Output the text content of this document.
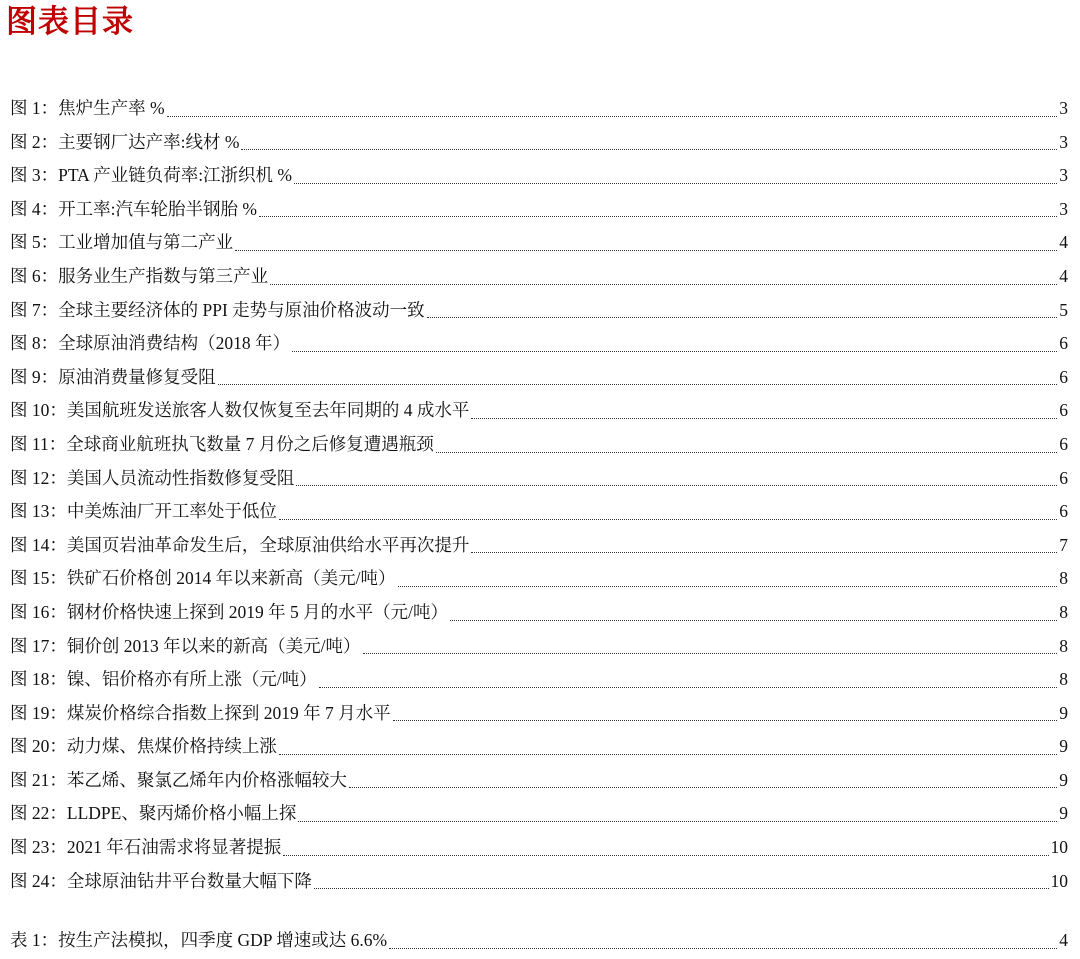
图表目录
图 1：焦炉生产率 %	3
图 2：主要钢厂达产率:线材 %	3
图 3：PTA 产业链负荷率:江浙织机 %	3
图 4：开工率:汽车轮胎半钢胎 %	3
图 5：工业增加值与第二产业	4
图 6：服务业生产指数与第三产业	4
图 7：全球主要经济体的 PPI 走势与原油价格波动一致	5
图 8：全球原油消费结构（2018 年）	6
图 9：原油消费量修复受阻	6
图 10：美国航班发送旅客人数仅恢复至去年同期的 4 成水平	6
图 11：全球商业航班执飞数量 7 月份之后修复遭遇瓶颈	6
图 12：美国人员流动性指数修复受阻	6
图 13：中美炼油厂开工率处于低位	6
图 14：美国页岩油革命发生后，全球原油供给水平再次提升	7
图 15：铁矿石价格创 2014 年以来新高（美元/吨）	8
图 16：钢材价格快速上探到 2019 年 5 月的水平（元/吨）	8
图 17：铜价创 2013 年以来的新高（美元/吨）	8
图 18：镍、铝价格亦有所上涨（元/吨）	8
图 19：煤炭价格综合指数上探到 2019 年 7 月水平	9
图 20：动力煤、焦煤价格持续上涨	9
图 21：苯乙烯、聚氯乙烯年内价格涨幅较大	9
图 22：LLDPE、聚丙烯价格小幅上探	9
图 23：2021 年石油需求将显著提振	10
图 24：全球原油钻井平台数量大幅下降	10
表 1：按生产法模拟，四季度 GDP 增速或达 6.6%	4
